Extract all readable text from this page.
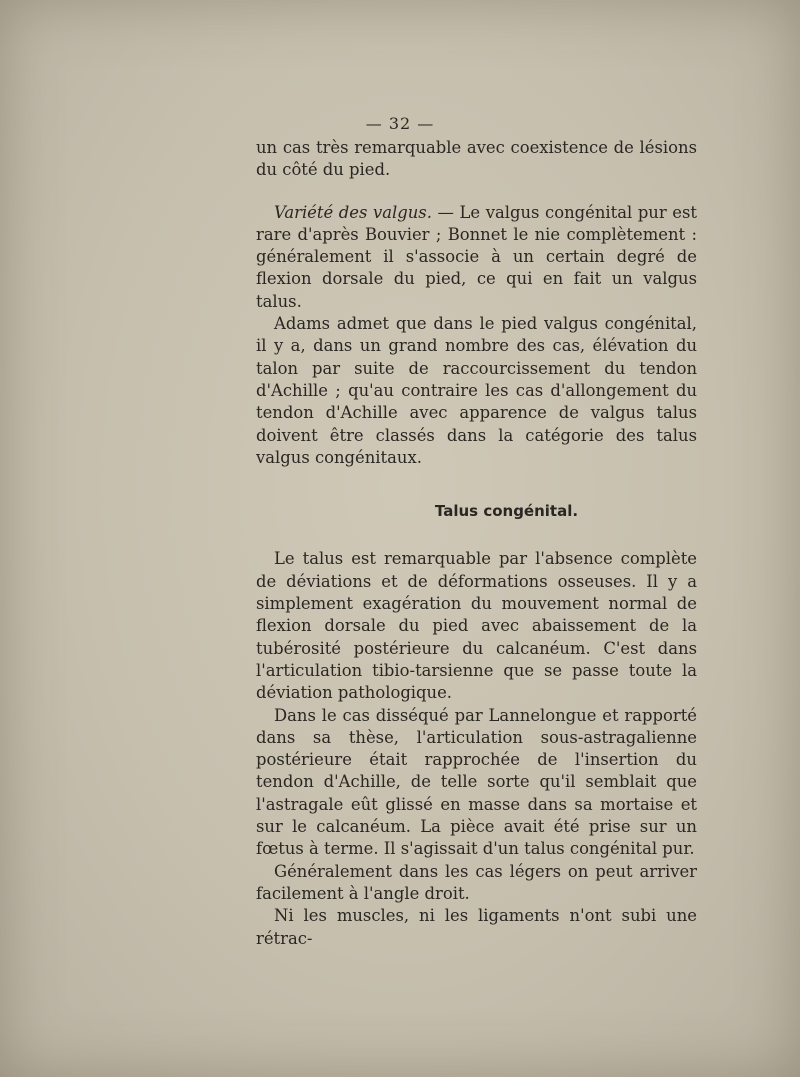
— 32 —

un cas très remarquable avec coexistence de lésions du côté du pied.

Variété des valgus. — Le valgus congénital pur est rare d'après Bouvier ; Bonnet le nie complètement : généralement il s'associe à un certain degré de flexion dorsale du pied, ce qui en fait un valgus talus.

Adams admet que dans le pied valgus congénital, il y a, dans un grand nombre des cas, élévation du talon par suite de raccourcissement du tendon d'Achille ; qu'au contraire les cas d'allongement du tendon d'Achille avec apparence de valgus talus doivent être classés dans la catégorie des talus valgus congénitaux.

Talus congénital.

Le talus est remarquable par l'absence complète de déviations et de déformations osseuses. Il y a simplement exagération du mouvement normal de flexion dorsale du pied avec abaissement de la tubérosité postérieure du calcanéum. C'est dans l'articulation tibio-tarsienne que se passe toute la déviation pathologique.

Dans le cas disséqué par Lannelongue et rapporté dans sa thèse, l'articulation sous-astragalienne postérieure était rapprochée de l'insertion du tendon d'Achille, de telle sorte qu'il semblait que l'astragale eût glissé en masse dans sa mortaise et sur le calcanéum. La pièce avait été prise sur un fœtus à terme. Il s'agissait d'un talus congénital pur.

Généralement dans les cas légers on peut arriver facilement à l'angle droit.

Ni les muscles, ni les ligaments n'ont subi une rétrac-
